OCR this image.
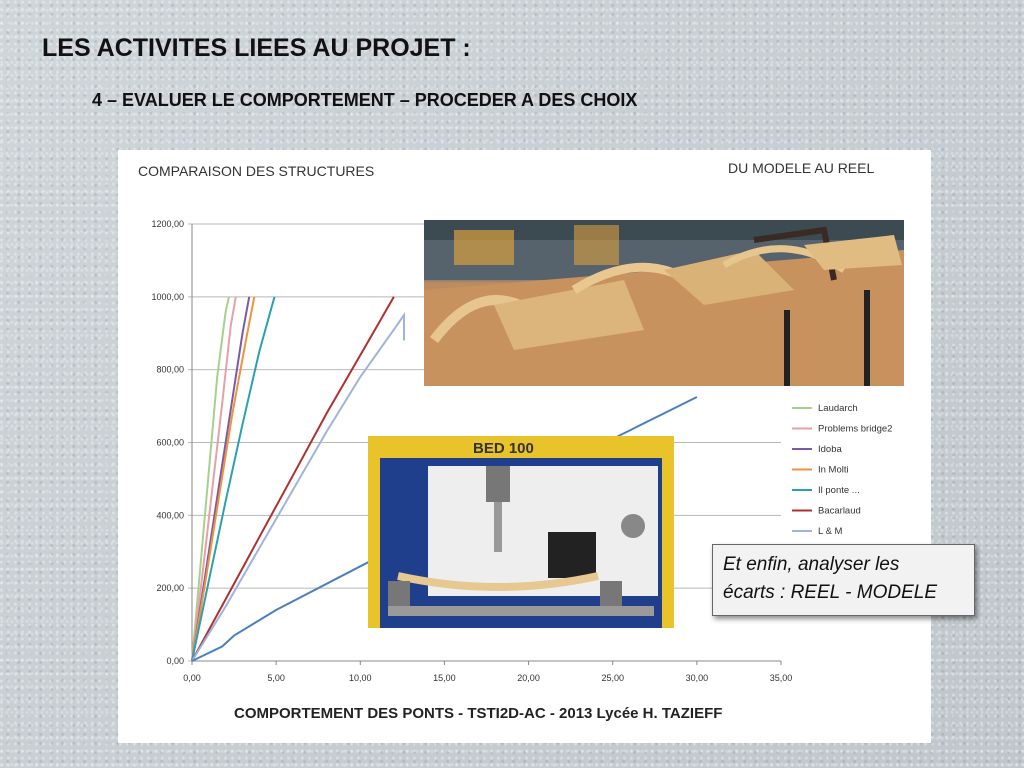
LES ACTIVITES LIEES AU PROJET :
4 – EVALUER LE COMPORTEMENT – PROCEDER A DES CHOIX
COMPARAISON DES STRUCTURES	DU MODELE AU REEL
0,00
200,00
400,00
600,00
800,00
1000,00
1200,00
0,00	5,00	10,00	15,00	20,00	25,00	30,00	35,00
Laudarch
Problems bridge2
Idoba
In Molti
Il ponte ...
Bacarlaud
L & M
BED 100
COMPORTEMENT DES PONTS - TSTI2D-AC - 2013 Lycée H. TAZIEFF
Et enfin, analyser les
écarts : REEL - MODELE
